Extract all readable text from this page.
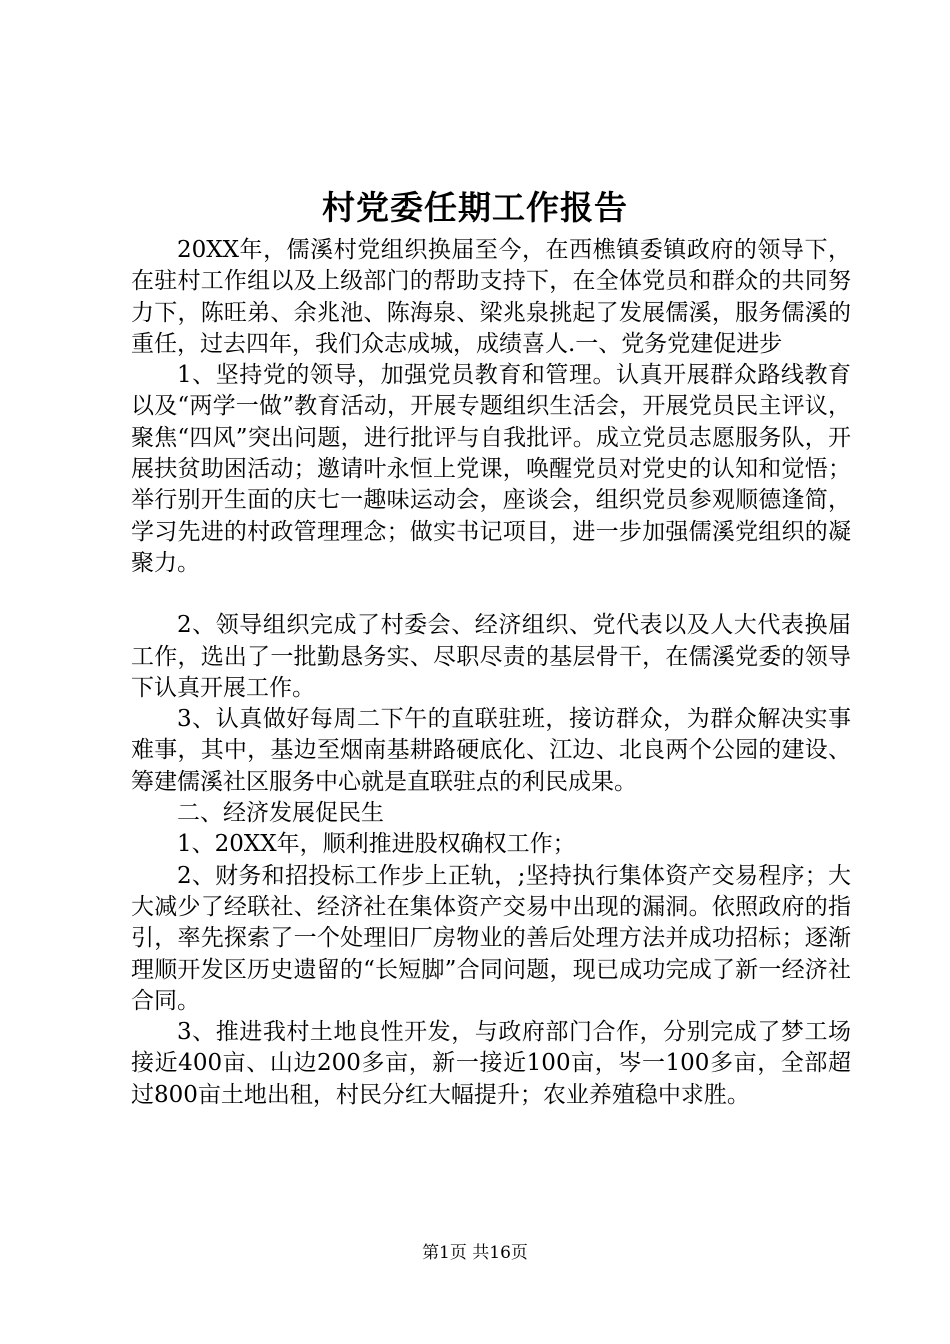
村党委任期工作报告

20XX年，儒溪村党组织换届至今，在西樵镇委镇政府的领导下，在驻村工作组以及上级部门的帮助支持下，在全体党员和群众的共同努力下，陈旺弟、余兆池、陈海泉、梁兆泉挑起了发展儒溪，服务儒溪的重任，过去四年，我们众志成城，成绩喜人.一、党务党建促进步

1、坚持党的领导，加强党员教育和管理。认真开展群众路线教育以及“两学一做”教育活动，开展专题组织生活会，开展党员民主评议，聚焦“四风”突出问题，进行批评与自我批评。成立党员志愿服务队，开展扶贫助困活动；邀请叶永恒上党课，唤醒党员对党史的认知和觉悟；举行别开生面的庆七一趣味运动会，座谈会，组织党员参观顺德逢简，学习先进的村政管理理念；做实书记项目，进一步加强儒溪党组织的凝聚力。

2、领导组织完成了村委会、经济组织、党代表以及人大代表换届工作，选出了一批勤恳务实、尽职尽责的基层骨干，在儒溪党委的领导下认真开展工作。

3、认真做好每周二下午的直联驻班，接访群众，为群众解决实事难事，其中，基边至烟南基耕路硬底化、江边、北良两个公园的建设、筹建儒溪社区服务中心就是直联驻点的利民成果。

二、经济发展促民生

1、20XX年，顺利推进股权确权工作；

2、财务和招投标工作步上正轨，;坚持执行集体资产交易程序；大大减少了经联社、经济社在集体资产交易中出现的漏洞。依照政府的指引，率先探索了一个处理旧厂房物业的善后处理方法并成功招标；逐渐理顺开发区历史遗留的“长短脚”合同问题，现已成功完成了新一经济社合同。

3、推进我村土地良性开发，与政府部门合作，分别完成了梦工场接近400亩、山边200多亩，新一接近100亩，岑一100多亩，全部超过800亩土地出租，村民分红大幅提升；农业养殖稳中求胜。

第1页 共16页
